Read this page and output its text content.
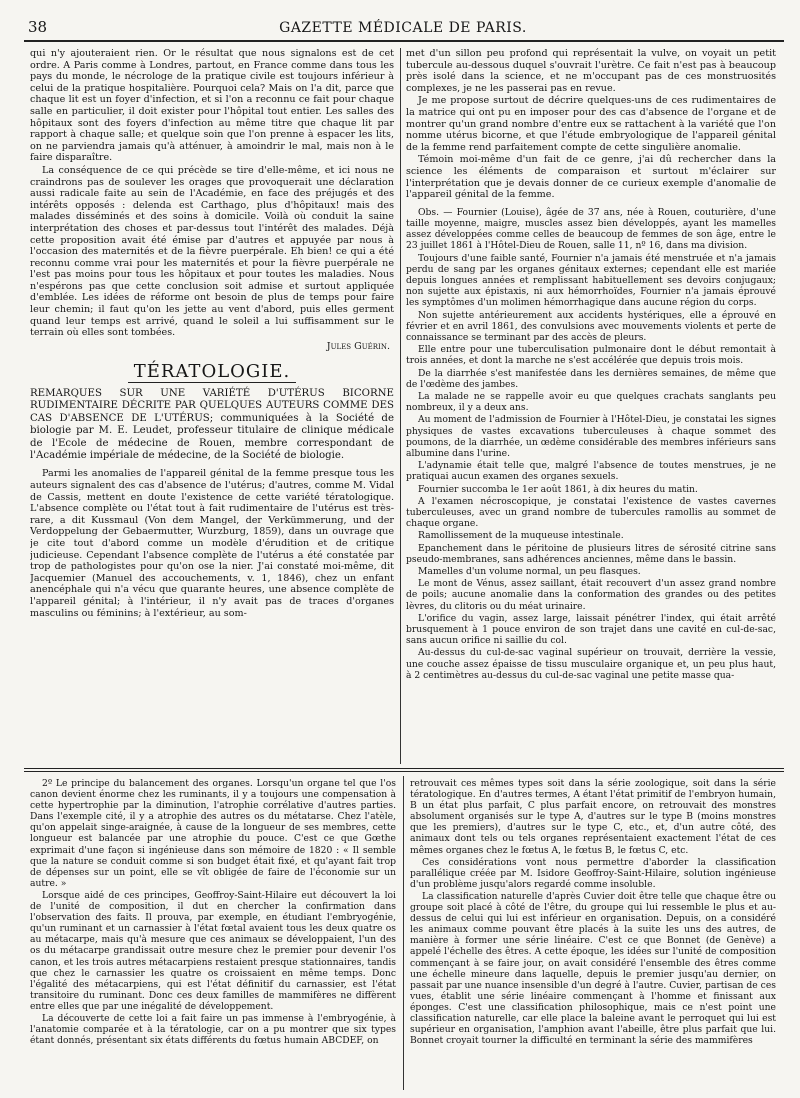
38	GAZETTE MÉDICALE DE PARIS.

qui n'y ajouteraient rien. Or le résultat que nous signalons est de cet ordre. A Paris comme à Londres, partout, en France comme dans tous les pays du monde, le nécrologe de la pratique civile est toujours inférieur à celui de la pratique hospitalière. Pourquoi cela? Mais on l'a dit, parce que chaque lit est un foyer d'infection, et si l'on a reconnu ce fait pour chaque salle en particulier, il doit exister pour l'hôpital tout entier. Les salles des hôpitaux sont des foyers d'infection au même titre que chaque lit par rapport à chaque salle; et quelque soin que l'on prenne à espacer les lits, on ne parviendra jamais qu'à atténuer, à amoindrir le mal, mais non à le faire disparaître.

La conséquence de ce qui précède se tire d'elle-même, et ici nous ne craindrons pas de soulever les orages que provoquerait une déclaration aussi radicale faite au sein de l'Académie, en face des préjugés et des intérêts opposés : delenda est Carthago, plus d'hôpitaux! mais des malades disséminés et des soins à domicile. Voilà où conduit la saine interprétation des choses et par-dessus tout l'intérêt des malades. Déjà cette proposition avait été émise par d'autres et appuyée par nous à l'occasion des maternités et de la fièvre puerpérale. Eh bien! ce qui a été reconnu comme vrai pour les maternités et pour la fièvre puerpérale ne l'est pas moins pour tous les hôpitaux et pour toutes les maladies. Nous n'espérons pas que cette conclusion soit admise et surtout appliquée d'emblée. Les idées de réforme ont besoin de plus de temps pour faire leur chemin; il faut qu'on les jette au vent d'abord, puis elles germent quand leur temps est arrivé, quand le soleil a lui suffisamment sur le terrain où elles sont tombées.

Jules Guérin.
TÉRATOLOGIE.
REMARQUES SUR UNE VARIÉTÉ D'UTÉRUS BICORNE RUDIMENTAIRE DÉCRITE PAR QUELQUES AUTEURS COMME DES CAS D'ABSENCE DE L'UTÉRUS; communiquées à la Société de biologie par M. E. Leudet, professeur titulaire de clinique médicale de l'Ecole de médecine de Rouen, membre correspondant de l'Académie impériale de médecine, de la Société de biologie.

Parmi les anomalies de l'appareil génital de la femme presque tous les auteurs signalent des cas d'absence de l'utérus; d'autres, comme M. Vidal de Cassis, mettent en doute l'existence de cette variété tératologique. L'absence complète ou l'état tout à fait rudimentaire de l'utérus est très-rare, a dit Kussmaul (Von dem Mangel, der Verkümmerung, und der Verdoppelung der Gebaermutter, Wurzburg, 1859), dans un ouvrage que je cite tout d'abord comme un modèle d'érudition et de critique judicieuse. Cependant l'absence complète de l'utérus a été constatée par trop de pathologistes pour qu'on ose la nier. J'ai constaté moi-même, dit Jacquemier (Manuel des accouchements, v. 1, 1846), chez un enfant anencéphale qui n'a vécu que quarante heures, une absence complète de l'appareil génital; à l'intérieur, il n'y avait pas de traces d'organes masculins ou féminins; à l'extérieur, au som-

met d'un sillon peu profond qui représentait la vulve, on voyait un petit tubercule au-dessous duquel s'ouvrait l'urètre. Ce fait n'est pas à beaucoup près isolé dans la science, et ne m'occupant pas de ces monstruosités complexes, je ne les passerai pas en revue.

Je me propose surtout de décrire quelques-uns de ces rudimentaires de la matrice qui ont pu en imposer pour des cas d'absence de l'organe et de montrer qu'un grand nombre d'entre eux se rattachent à la variété que l'on nomme utérus bicorne, et que l'étude embryologique de l'appareil génital de la femme rend parfaitement compte de cette singulière anomalie.

Témoin moi-même d'un fait de ce genre, j'ai dû rechercher dans la science les éléments de comparaison et surtout m'éclairer sur l'interprétation que je devais donner de ce curieux exemple d'anomalie de l'appareil génital de la femme.

Obs. — Fournier (Louise), âgée de 37 ans, née à Rouen, couturière, d'une taille moyenne, maigre, muscles assez bien développés, ayant les mamelles assez développées comme celles de beaucoup de femmes de son âge, entre le 23 juillet 1861 à l'Hôtel-Dieu de Rouen, salle 11, nº 16, dans ma division.

Toujours d'une faible santé, Fournier n'a jamais été menstruée et n'a jamais perdu de sang par les organes génitaux externes; cependant elle est mariée depuis longues années et remplissant habituellement ses devoirs conjugaux; non sujette aux épistaxis, ni aux hémorrhoïdes, Fournier n'a jamais éprouvé les symptômes d'un molimen hémorrhagique dans aucune région du corps.

Non sujette antérieurement aux accidents hystériques, elle a éprouvé en février et en avril 1861, des convulsions avec mouvements violents et perte de connaissance se terminant par des accès de pleurs.

Elle entre pour une tuberculisation pulmonaire dont le début remontait à trois années, et dont la marche ne s'est accélérée que depuis trois mois.

De la diarrhée s'est manifestée dans les dernières semaines, de même que de l'œdème des jambes.

La malade ne se rappelle avoir eu que quelques crachats sanglants peu nombreux, il y a deux ans.

Au moment de l'admission de Fournier à l'Hôtel-Dieu, je constatai les signes physiques de vastes excavations tuberculeuses à chaque sommet des poumons, de la diarrhée, un œdème considérable des membres inférieurs sans albumine dans l'urine.

L'adynamie était telle que, malgré l'absence de toutes menstrues, je ne pratiquai aucun examen des organes sexuels.

Fournier succomba le 1er août 1861, à dix heures du matin.

A l'examen nécroscopique, je constatai l'existence de vastes cavernes tuberculeuses, avec un grand nombre de tubercules ramollis au sommet de chaque organe.

Ramollissement de la muqueuse intestinale.

Epanchement dans le péritoine de plusieurs litres de sérosité citrine sans pseudo-membranes, sans adhérences anciennes, même dans le bassin.

Mamelles d'un volume normal, un peu flasques.

Le mont de Vénus, assez saillant, était recouvert d'un assez grand nombre de poils; aucune anomalie dans la conformation des grandes ou des petites lèvres, du clitoris ou du méat urinaire.

L'orifice du vagin, assez large, laissait pénétrer l'index, qui était arrêté brusquement à 1 pouce environ de son trajet dans une cavité en cul-de-sac, sans aucun orifice ni saillie du col.

Au-dessus du cul-de-sac vaginal supérieur on trouvait, derrière la vessie, une couche assez épaisse de tissu musculaire organique et, un peu plus haut, à 2 centimètres au-dessus du cul-de-sac vaginal une petite masse qua-

2º Le principe du balancement des organes. Lorsqu'un organe tel que l'os canon devient énorme chez les ruminants, il y a toujours une compensation à cette hypertrophie par la diminution, l'atrophie corrélative d'autres parties. Dans l'exemple cité, il y a atrophie des autres os du métatarse. Chez l'atèle, qu'on appelait singe-araignée, à cause de la longueur de ses membres, cette longueur est balancée par une atrophie du pouce. C'est ce que Gœthe exprimait d'une façon si ingénieuse dans son mémoire de 1820 : « Il semble que la nature se conduit comme si son budget était fixé, et qu'ayant fait trop de dépenses sur un point, elle se vît obligée de faire de l'économie sur un autre. »

Lorsque aidé de ces principes, Geoffroy-Saint-Hilaire eut découvert la loi de l'unité de composition, il dut en chercher la confirmation dans l'observation des faits. Il prouva, par exemple, en étudiant l'embryogénie, qu'un ruminant et un carnassier à l'état fœtal avaient tous les deux quatre os au métacarpe, mais qu'à mesure que ces animaux se développaient, l'un des os du métacarpe grandissait outre mesure chez le premier pour devenir l'os canon, et les trois autres métacarpiens restaient presque stationnaires, tandis que chez le carnassier les quatre os croissaient en même temps. Donc l'égalité des métacarpiens, qui est l'état définitif du carnassier, est l'état transitoire du ruminant. Donc ces deux familles de mammifères ne diffèrent entre elles que par une inégalité de développement.

La découverte de cette loi a fait faire un pas immense à l'embryogénie, à l'anatomie comparée et à la tératologie, car on a pu montrer que six types étant donnés, présentant six états différents du fœtus humain ABCDEF, on

retrouvait ces mêmes types soit dans la série zoologique, soit dans la série tératologique. En d'autres termes, A étant l'état primitif de l'embryon humain, B un état plus parfait, C plus parfait encore, on retrouvait des monstres absolument organisés sur le type A, d'autres sur le type B (moins monstres que les premiers), d'autres sur le type C, etc., et, d'un autre côté, des animaux dont tels ou tels organes représentaient exactement l'état de ces mêmes organes chez le fœtus A, le fœtus B, le fœtus C, etc.

Ces considérations vont nous permettre d'aborder la classification parallélique créée par M. Isidore Geoffroy-Saint-Hilaire, solution ingénieuse d'un problème jusqu'alors regardé comme insoluble.

La classification naturelle d'après Cuvier doit être telle que chaque être ou groupe soit placé à côté de l'être, du groupe qui lui ressemble le plus et au-dessus de celui qui lui est inférieur en organisation. Depuis, on a considéré les animaux comme pouvant être placés à la suite les uns des autres, de manière à former une série linéaire. C'est ce que Bonnet (de Genève) a appelé l'échelle des êtres. A cette époque, les idées sur l'unité de composition commençant à se faire jour, on avait considéré l'ensemble des êtres comme une échelle mineure dans laquelle, depuis le premier jusqu'au dernier, on passait par une nuance insensible d'un degré à l'autre. Cuvier, partisan de ces vues, établit une série linéaire commençant à l'homme et finissant aux éponges. C'est une classification philosophique, mais ce n'est point une classification naturelle, car elle place la baleine avant le perroquet qui lui est supérieur en organisation, l'amphion avant l'abeille, être plus parfait que lui. Bonnet croyait tourner la difficulté en terminant la série des mammifères
